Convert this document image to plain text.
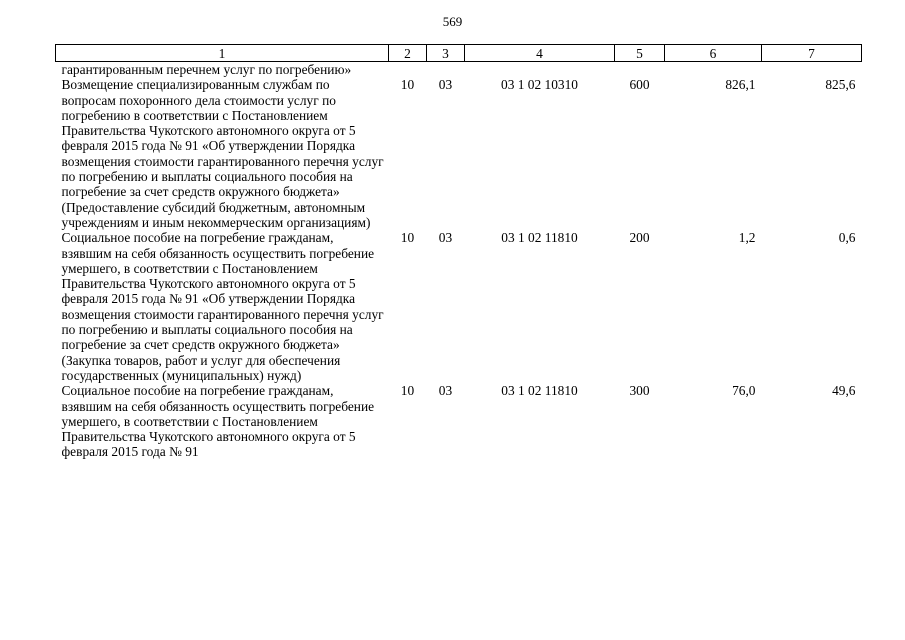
569
1	2	3	4	5	6	7
гарантированным перечнем услуг по погребению»						
Возмещение специализированным службам по вопросам похоронного дела стоимости услуг по погребению в соответствии с Постановлением Правительства Чукотского автономного округа от 5 февраля 2015 года № 91 «Об утверждении Порядка возмещения стоимости гарантированного перечня услуг по погребению и выплаты социального пособия на погребение за счет средств окружного бюджета» (Предоставление субсидий бюджетным, автономным учреждениям и иным некоммерческим организациям)	10	03	03 1 02 10310	600	826,1	825,6
Социальное пособие на погребение гражданам, взявшим на себя обязанность осуществить погребение умершего, в соответствии с Постановлением Правительства Чукотского автономного округа от 5 февраля 2015 года № 91 «Об утверждении Порядка возмещения стоимости гарантированного перечня услуг по погребению и выплаты социального пособия на погребение за счет средств окружного бюджета» (Закупка товаров, работ и услуг для обеспечения государственных (муниципальных) нужд)	10	03	03 1 02 11810	200	1,2	0,6
Социальное пособие на погребение гражданам, взявшим на себя обязанность осуществить погребение умершего, в соответствии с Постановлением Правительства Чукотского автономного округа от 5 февраля 2015 года № 91	10	03	03 1 02 11810	300	76,0	49,6
